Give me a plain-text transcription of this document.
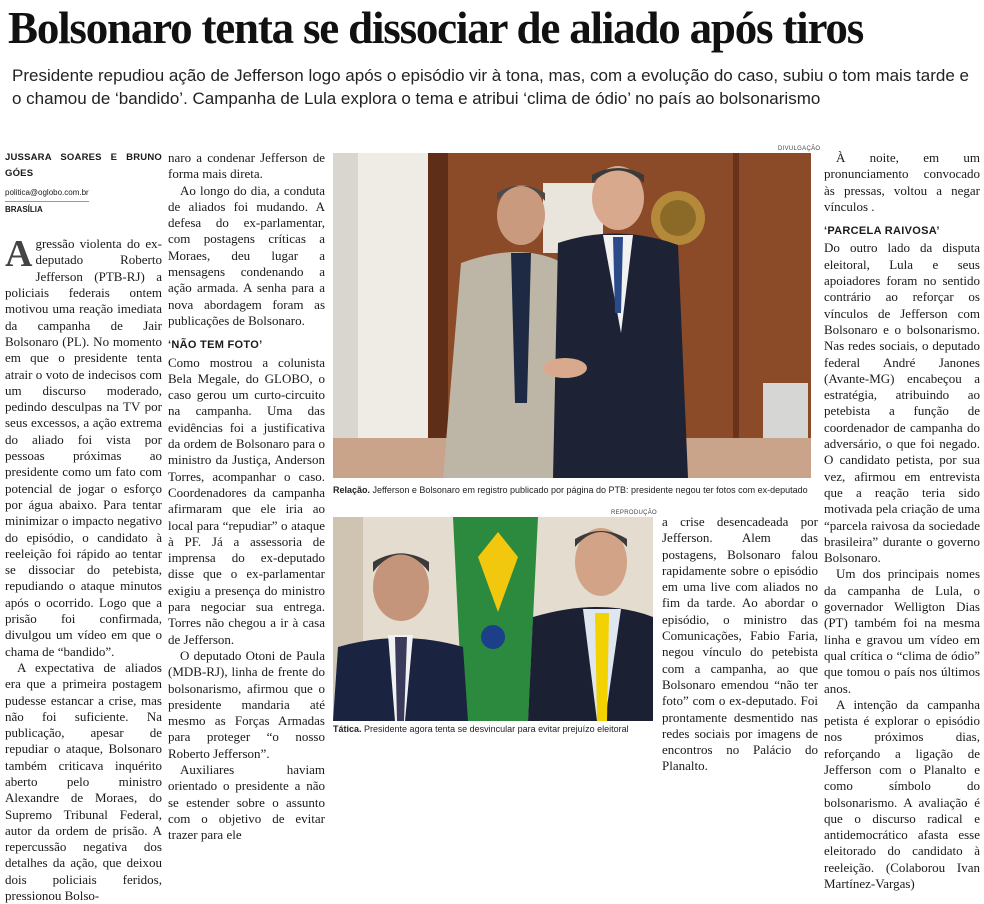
Bolsonaro tenta se dissociar de aliado após tiros

Presidente repudiou ação de Jefferson logo após o episódio vir à tona, mas, com a evolução do caso, subiu o tom mais tarde e o chamou de ‘bandido’. Campanha de Lula explora o tema e atribui ‘clima de ódio’ no país ao bolsonarismo

JUSSARA SOARES E BRUNO GÓES
politica@oglobo.com.br
BRASÍLIA

Agressão violenta do ex-deputado Roberto Jefferson (PTB-RJ) a policiais federais ontem motivou uma reação imediata da campanha de Jair Bolsonaro (PL). No momento em que o presidente tenta atrair o voto de indecisos com um discurso moderado, pedindo desculpas na TV por seus excessos, a ação extrema do aliado foi vista por pessoas próximas ao presidente como um fato com potencial de jogar o esforço por água abaixo. Para tentar minimizar o impacto negativo do episódio, o candidato à reeleição foi rápido ao tentar se dissociar do petebista, repudiando o ataque minutos após o ocorrido. Logo que a prisão foi confirmada, divulgou um vídeo em que o chama de “bandido”.

A expectativa de aliados era que a primeira postagem pudesse estancar a crise, mas não foi suficiente. Na publicação, apesar de repudiar o ataque, Bolsonaro também criticava inquérito aberto pelo ministro Alexandre de Moraes, do Supremo Tribunal Federal, autor da ordem de prisão. A repercussão negativa dos detalhes da ação, que deixou dois policiais feridos, pressionou Bolso-

naro a condenar Jefferson de forma mais direta.

Ao longo do dia, a conduta de aliados foi mudando. A defesa do ex-parlamentar, com postagens críticas a Moraes, deu lugar a mensagens condenando a ação armada. A senha para a nova abordagem foram as publicações de Bolsonaro.

‘NÃO TEM FOTO’

Como mostrou a colunista Bela Megale, do GLOBO, o caso gerou um curto-circuito na campanha. Uma das evidências foi a justificativa da ordem de Bolsonaro para o ministro da Justiça, Anderson Torres, acompanhar o caso. Coordenadores da campanha afirmaram que ele iria ao local para “repudiar” o ataque à PF. Já a assessoria de imprensa do ex-deputado disse que o ex-parlamentar exigiu a presença do ministro para negociar sua entrega. Torres não chegou a ir à casa de Jefferson.

O deputado Otoni de Paula (MDB-RJ), linha de frente do bolsonarismo, afirmou que o presidente mandaria até mesmo as Forças Armadas para proteger “o nosso Roberto Jefferson”.

Auxiliares haviam orientado o presidente a não se estender sobre o assunto com o objetivo de evitar trazer para ele

DIVULGAÇÃO
Relação. Jefferson e Bolsonaro em registro publicado por página do PTB: presidente negou ter fotos com ex-deputado
REPRODUÇÃO
Tática. Presidente agora tenta se desvincular para evitar prejuízo eleitoral

a crise desencadeada por Jefferson. Alem das postagens, Bolsonaro falou rapidamente sobre o episódio em uma live com aliados no fim da tarde. Ao abordar o episódio, o ministro das Comunicações, Fabio Faria, negou vínculo do petebista com a campanha, ao que Bolsonaro emendou “não ter foto” com o ex-deputado. Foi prontamente desmentido nas redes sociais por imagens de encontros no Palácio do Planalto.

À noite, em um pronunciamento convocado às pressas, voltou a negar vínculos .

‘PARCELA RAIVOSA’

Do outro lado da disputa eleitoral, Lula e seus apoiadores foram no sentido contrário ao reforçar os vínculos de Jefferson com Bolsonaro e o bolsonarismo. Nas redes sociais, o deputado federal André Janones (Avante-MG) encabeçou a estratégia, atribuindo ao petebista a função de coordenador de campanha do adversário, o que foi negado. O candidato petista, por sua vez, afirmou em entrevista que a reação teria sido motivada pela criação de uma “parcela raivosa da sociedade brasileira” durante o governo Bolsonaro.

Um dos principais nomes da campanha de Lula, o governador Welligton Dias (PT) também foi na mesma linha e gravou um vídeo em qual crítica o “clima de ódio” que tomou o país nos últimos anos.

A intenção da campanha petista é explorar o episódio nos próximos dias, reforçando a ligação de Jefferson com o Planalto e como símbolo do bolsonarismo. A avaliação é que o discurso radical e antidemocrático afasta esse eleitorado do candidato à reeleição. (Colaborou Ivan Martínez-Vargas)
